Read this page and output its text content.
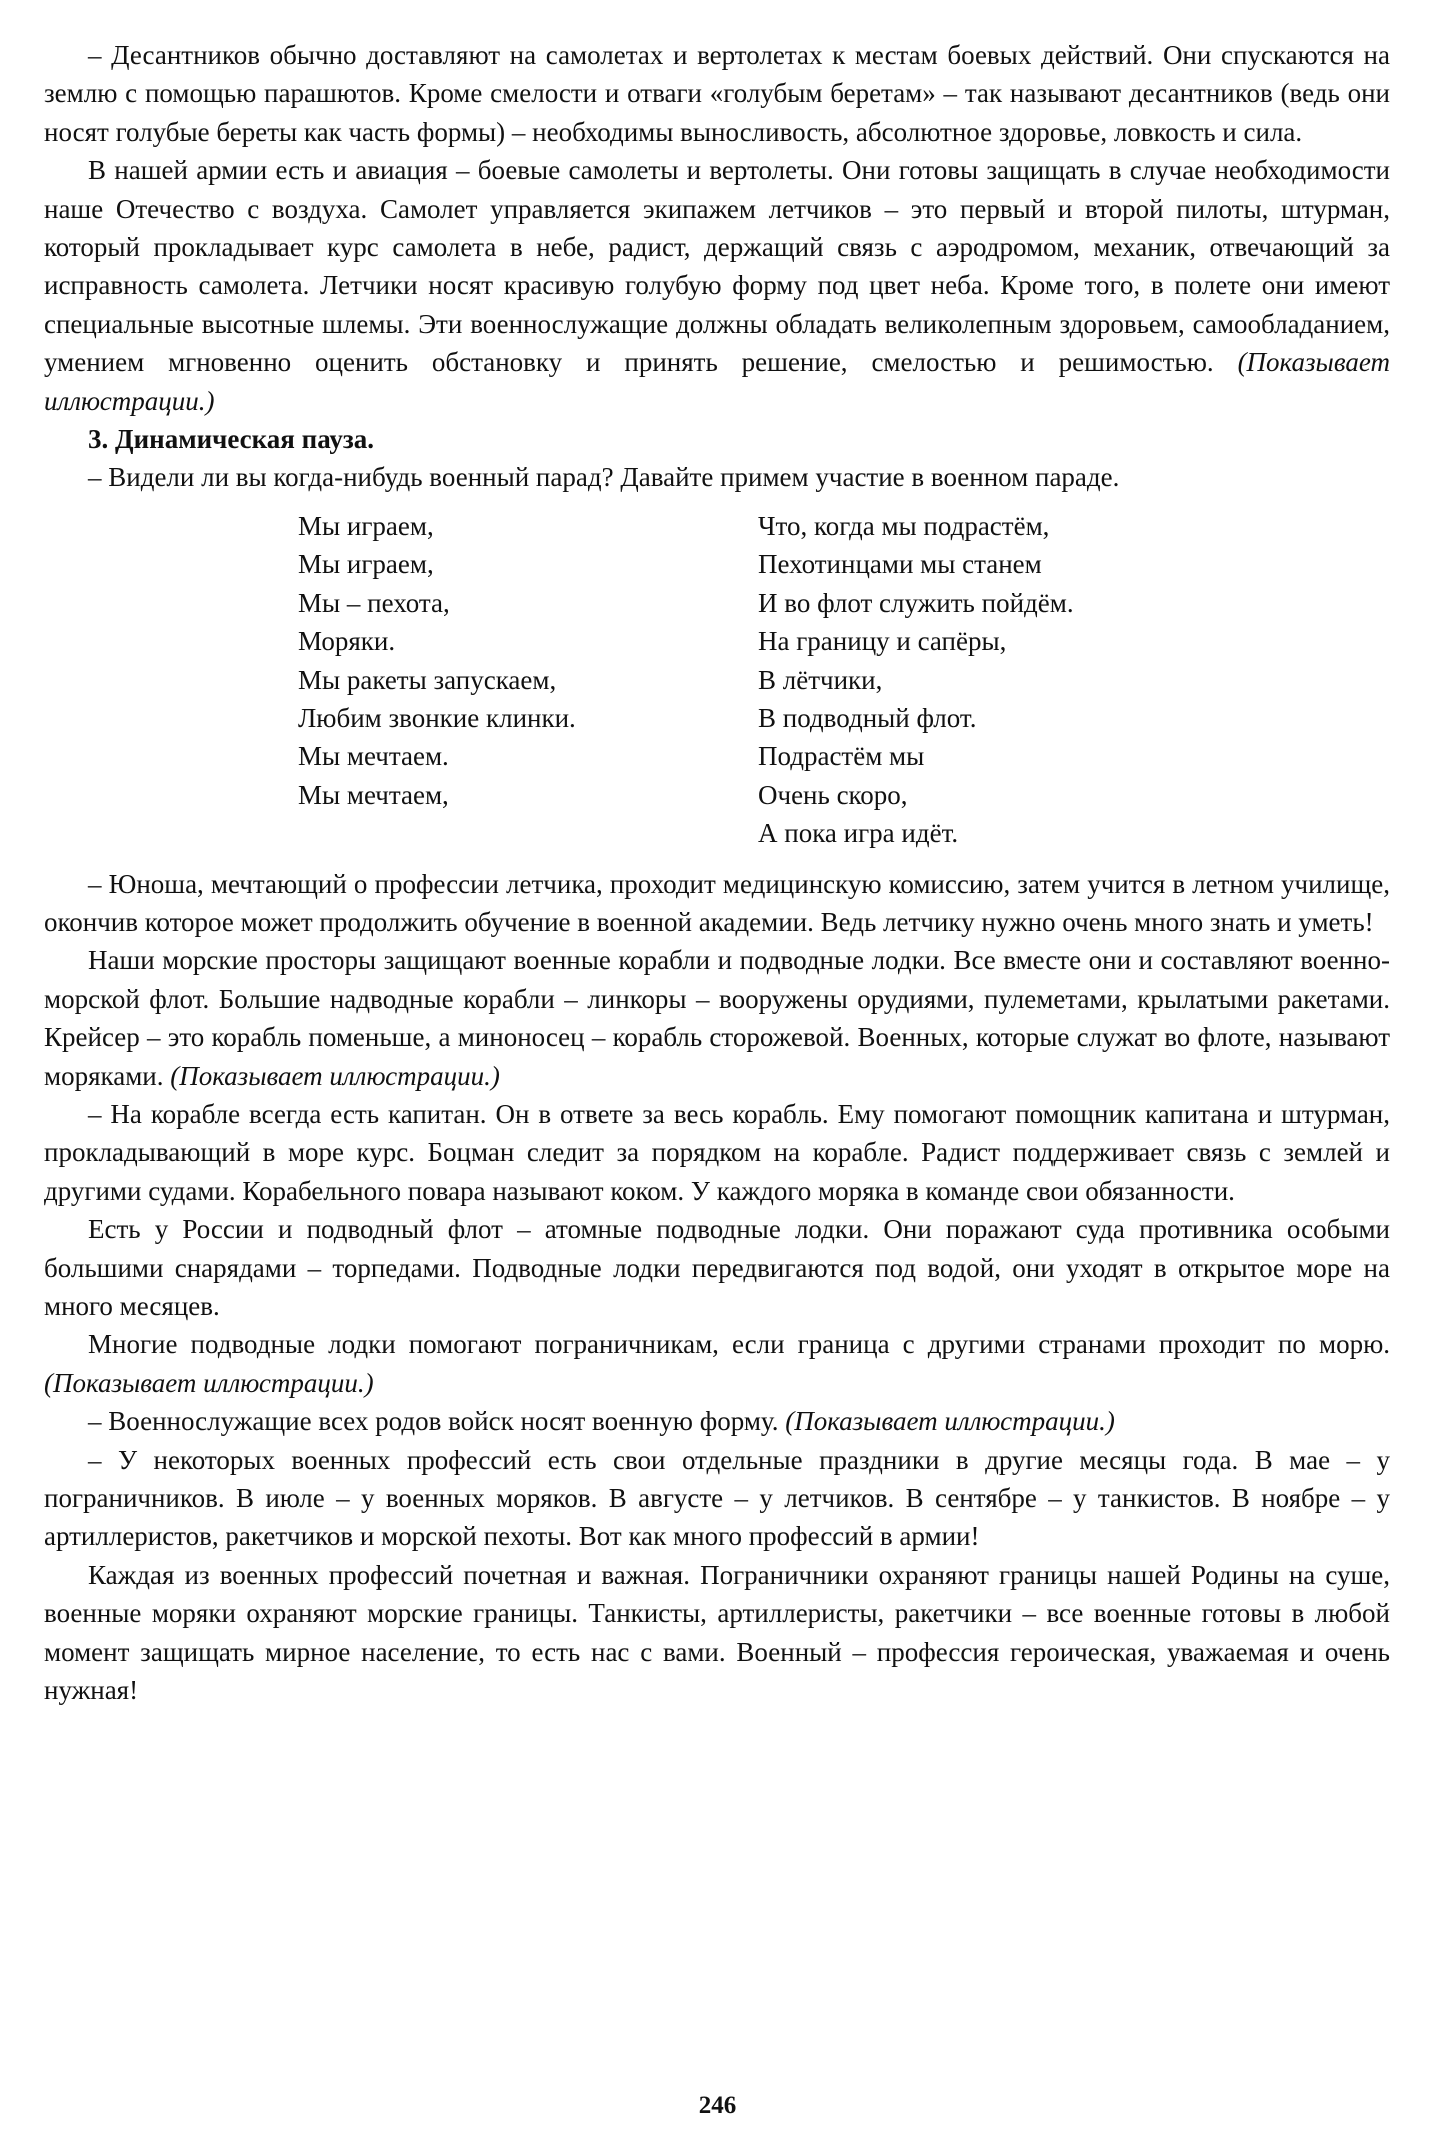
– Десантников обычно доставляют на самолетах и вертолетах к местам боевых действий. Они спускаются на землю с помощью парашютов. Кроме смелости и отваги «голубым беретам» – так называют десантников (ведь они носят голубые береты как часть формы) – необходимы выносливость, абсолютное здоровье, ловкость и сила.

В нашей армии есть и авиация – боевые самолеты и вертолеты. Они готовы защищать в случае необходимости наше Отечество с воздуха. Самолет управляется экипажем летчиков – это первый и второй пилоты, штурман, который прокладывает курс самолета в небе, радист, держащий связь с аэродромом, механик, отвечающий за исправность самолета. Летчики носят красивую голубую форму под цвет неба. Кроме того, в полете они имеют специальные высотные шлемы. Эти военнослужащие должны обладать великолепным здоровьем, самообладанием, умением мгновенно оценить обстановку и принять решение, смелостью и решимостью. (Показывает иллюстрации.)

3. Динамическая пауза.

– Видели ли вы когда-нибудь военный парад? Давайте примем участие в военном параде.

Мы играем,
Мы играем,
Мы – пехота,
Моряки.
Мы ракеты запускаем,
Любим звонкие клинки.
Мы мечтаем.
Мы мечтаем,
Что, когда мы подрастём,
Пехотинцами мы станем
И во флот служить пойдём.
На границу и сапёры,
В лётчики,
В подводный флот.
Подрастём мы
Очень скоро,
А пока игра идёт.

– Юноша, мечтающий о профессии летчика, проходит медицинскую комиссию, затем учится в летном училище, окончив которое может продолжить обучение в военной академии. Ведь летчику нужно очень много знать и уметь!

Наши морские просторы защищают военные корабли и подводные лодки. Все вместе они и составляют военно-морской флот. Большие надводные корабли – линкоры – вооружены орудиями, пулеметами, крылатыми ракетами. Крейсер – это корабль поменьше, а миноносец – корабль сторожевой. Военных, которые служат во флоте, называют моряками. (Показывает иллюстрации.)

– На корабле всегда есть капитан. Он в ответе за весь корабль. Ему помогают помощник капитана и штурман, прокладывающий в море курс. Боцман следит за порядком на корабле. Радист поддерживает связь с землей и другими судами. Корабельного повара называют коком. У каждого моряка в команде свои обязанности.

Есть у России и подводный флот – атомные подводные лодки. Они поражают суда противника особыми большими снарядами – торпедами. Подводные лодки передвигаются под водой, они уходят в открытое море на много месяцев.

Многие подводные лодки помогают пограничникам, если граница с другими странами проходит по морю. (Показывает иллюстрации.)

– Военнослужащие всех родов войск носят военную форму. (Показывает иллюстрации.)

– У некоторых военных профессий есть свои отдельные праздники в другие месяцы года. В мае – у пограничников. В июле – у военных моряков. В августе – у летчиков. В сентябре – у танкистов. В ноябре – у артиллеристов, ракетчиков и морской пехоты. Вот как много профессий в армии!

Каждая из военных профессий почетная и важная. Пограничники охраняют границы нашей Родины на суше, военные моряки охраняют морские границы. Танкисты, артиллеристы, ракетчики – все военные готовы в любой момент защищать мирное население, то есть нас с вами. Военный – профессия героическая, уважаемая и очень нужная!

246
